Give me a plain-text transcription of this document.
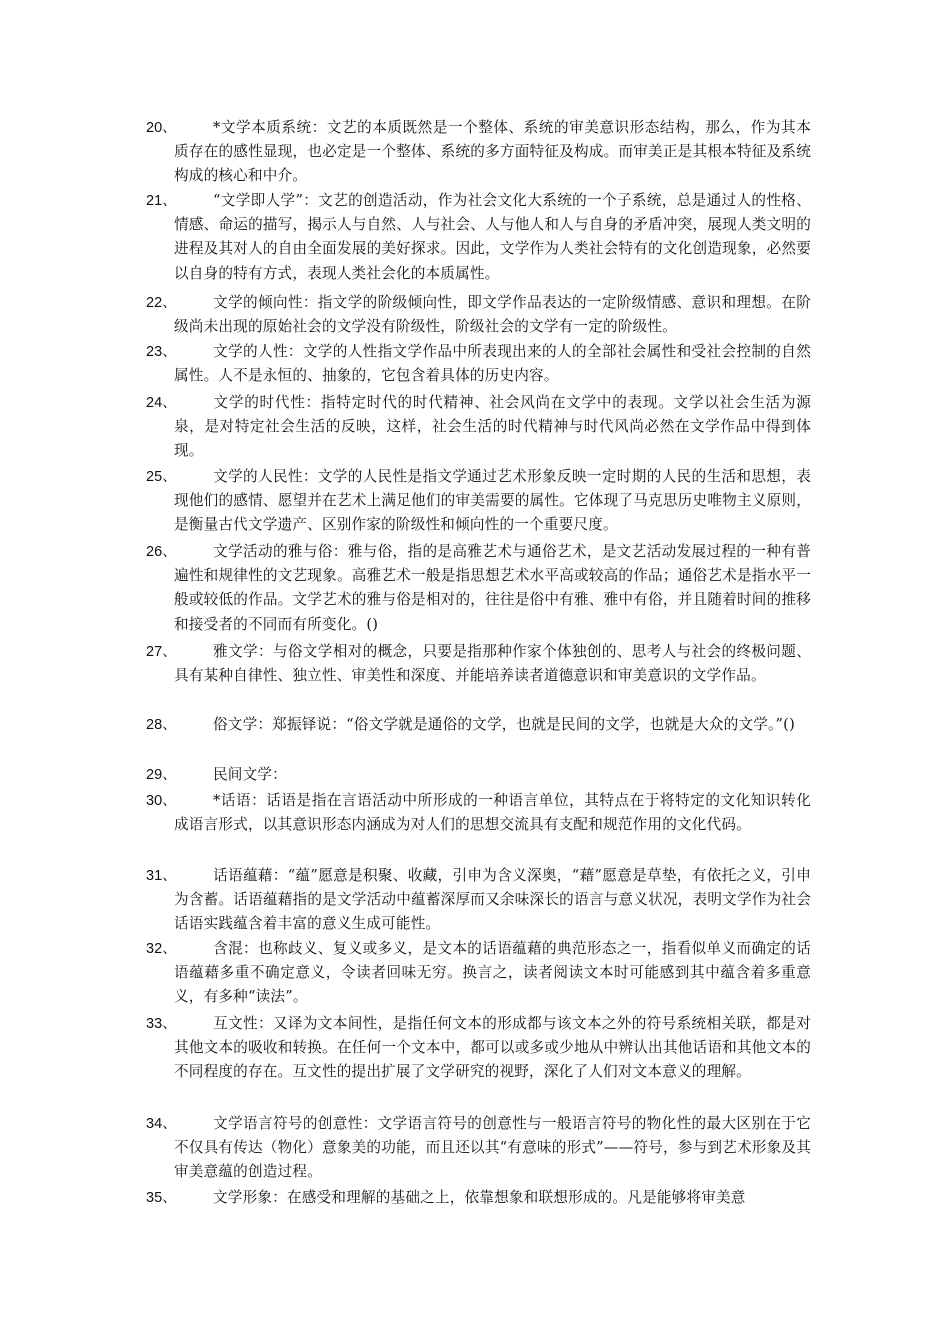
20、	*文学本质系统：文艺的本质既然是一个整体、系统的审美意识形态结构，那么，作为其本质存在的感性显现，也必定是一个整体、系统的多方面特征及构成。而审美正是其根本特征及系统构成的核心和中介。
21、	“文学即人学”：文艺的创造活动，作为社会文化大系统的一个子系统，总是通过人的性格、情感、命运的描写，揭示人与自然、人与社会、人与他人和人与自身的矛盾冲突，展现人类文明的进程及其对人的自由全面发展的美好探求。因此，文学作为人类社会特有的文化创造现象，必然要以自身的特有方式，表现人类社会化的本质属性。
22、	文学的倾向性：指文学的阶级倾向性，即文学作品表达的一定阶级情感、意识和理想。在阶级尚未出现的原始社会的文学没有阶级性，阶级社会的文学有一定的阶级性。
23、	文学的人性：文学的人性指文学作品中所表现出来的人的全部社会属性和受社会控制的自然属性。人不是永恒的、抽象的，它包含着具体的历史内容。
24、	文学的时代性：指特定时代的时代精神、社会风尚在文学中的表现。文学以社会生活为源泉，是对特定社会生活的反映，这样，社会生活的时代精神与时代风尚必然在文学作品中得到体现。
25、	文学的人民性：文学的人民性是指文学通过艺术形象反映一定时期的人民的生活和思想，表现他们的感情、愿望并在艺术上满足他们的审美需要的属性。它体现了马克思历史唯物主义原则，是衡量古代文学遗产、区别作家的阶级性和倾向性的一个重要尺度。
26、	文学活动的雅与俗：雅与俗，指的是高雅艺术与通俗艺术，是文艺活动发展过程的一种有普遍性和规律性的文艺现象。高雅艺术一般是指思想艺术水平高或较高的作品；通俗艺术是指水平一般或较低的作品。文学艺术的雅与俗是相对的，往往是俗中有雅、雅中有俗，并且随着时间的推移和接受者的不同而有所变化。()
27、	雅文学：与俗文学相对的概念，只要是指那种作家个体独创的、思考人与社会的终极问题、具有某种自律性、独立性、审美性和深度、并能培养读者道德意识和审美意识的文学作品。
28、	俗文学：郑振铎说：“俗文学就是通俗的文学，也就是民间的文学，也就是大众的文学。”()
29、	民间文学：
30、	*话语：话语是指在言语活动中所形成的一种语言单位，其特点在于将特定的文化知识转化成语言形式，以其意识形态内涵成为对人们的思想交流具有支配和规范作用的文化代码。
31、	话语蕴藉：“蕴”愿意是积聚、收藏，引申为含义深奥，“藉”愿意是草垫，有依托之义，引申为含蓄。话语蕴藉指的是文学活动中蕴蓄深厚而又余味深长的语言与意义状况，表明文学作为社会话语实践蕴含着丰富的意义生成可能性。
32、	含混：也称歧义、复义或多义，是文本的话语蕴藉的典范形态之一，指看似单义而确定的话语蕴藉多重不确定意义，令读者回味无穷。换言之，读者阅读文本时可能感到其中蕴含着多重意义，有多种“读法”。
33、	互文性：又译为文本间性，是指任何文本的形成都与该文本之外的符号系统相关联，都是对其他文本的吸收和转换。在任何一个文本中，都可以或多或少地从中辨认出其他话语和其他文本的不同程度的存在。互文性的提出扩展了文学研究的视野，深化了人们对文本意义的理解。
34、	文学语言符号的创意性：文学语言符号的创意性与一般语言符号的物化性的最大区别在于它不仅具有传达（物化）意象美的功能，而且还以其“有意味的形式”——符号，参与到艺术形象及其审美意蕴的创造过程。
35、	文学形象：在感受和理解的基础之上，依靠想象和联想形成的。凡是能够将审美意
